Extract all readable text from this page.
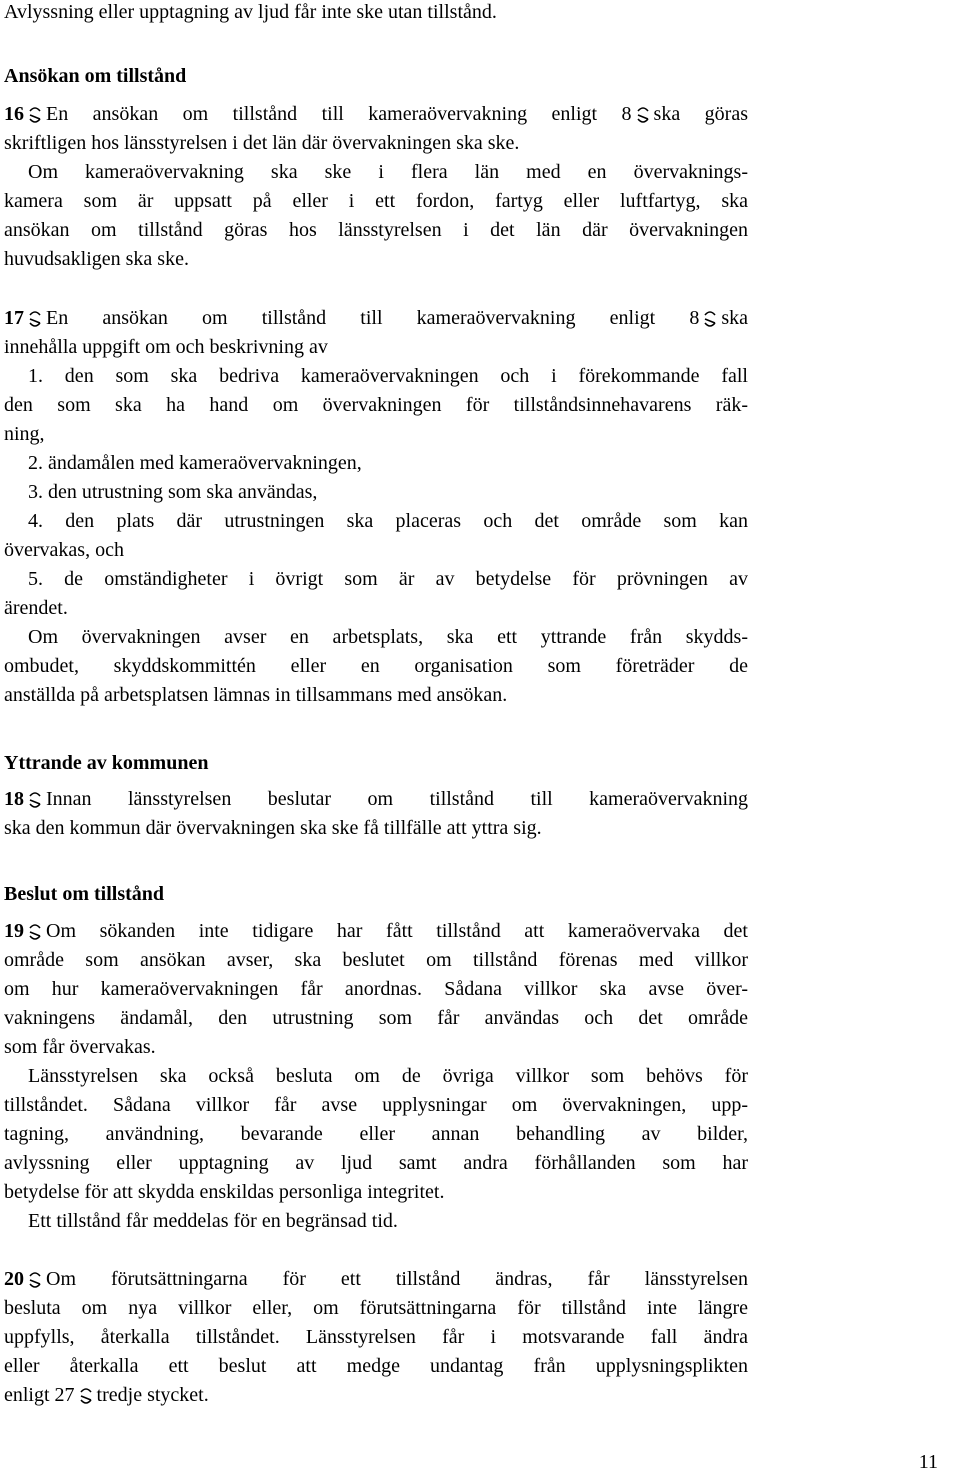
Avlyssning eller upptagning av ljud får inte ske utan tillstånd.
Ansökan om tillstånd
16 En ansökan om tillstånd till kameraövervakning enligt 8 ska göras
skriftligen hos länsstyrelsen i det län där övervakningen ska ske.
Om kameraövervakning ska ske i flera län med en övervaknings-
kamera som är uppsatt på eller i ett fordon, fartyg eller luftfartyg, ska
ansökan om tillstånd göras hos länsstyrelsen i det län där övervakningen
huvudsakligen ska ske.
17 En ansökan om tillstånd till kameraövervakning enligt 8 ska
innehålla uppgift om och beskrivning av
1. den som ska bedriva kameraövervakningen och i förekommande fall
den som ska ha hand om övervakningen för tillståndsinnehavarens räk-
ning,
2. ändamålen med kameraövervakningen,
3. den utrustning som ska användas,
4. den plats där utrustningen ska placeras och det område som kan
övervakas, och
5. de omständigheter i övrigt som är av betydelse för prövningen av
ärendet.
Om övervakningen avser en arbetsplats, ska ett yttrande från skydds-
ombudet, skyddskommittén eller en organisation som företräder de
anställda på arbetsplatsen lämnas in tillsammans med ansökan.
Yttrande av kommunen
18 Innan länsstyrelsen beslutar om tillstånd till kameraövervakning
ska den kommun där övervakningen ska ske få tillfälle att yttra sig.
Beslut om tillstånd
19 Om sökanden inte tidigare har fått tillstånd att kameraövervaka det
område som ansökan avser, ska beslutet om tillstånd förenas med villkor
om hur kameraövervakningen får anordnas. Sådana villkor ska avse över-
vakningens ändamål, den utrustning som får användas och det område
som får övervakas.
Länsstyrelsen ska också besluta om de övriga villkor som behövs för
tillståndet. Sådana villkor får avse upplysningar om övervakningen, upp-
tagning, användning, bevarande eller annan behandling av bilder,
avlyssning eller upptagning av ljud samt andra förhållanden som har
betydelse för att skydda enskildas personliga integritet.
Ett tillstånd får meddelas för en begränsad tid.
20 Om förutsättningarna för ett tillstånd ändras, får länsstyrelsen
besluta om nya villkor eller, om förutsättningarna för tillstånd inte längre
uppfylls, återkalla tillståndet. Länsstyrelsen får i motsvarande fall ändra
eller återkalla ett beslut att medge undantag från upplysningsplikten
enligt 27 tredje stycket.
11
